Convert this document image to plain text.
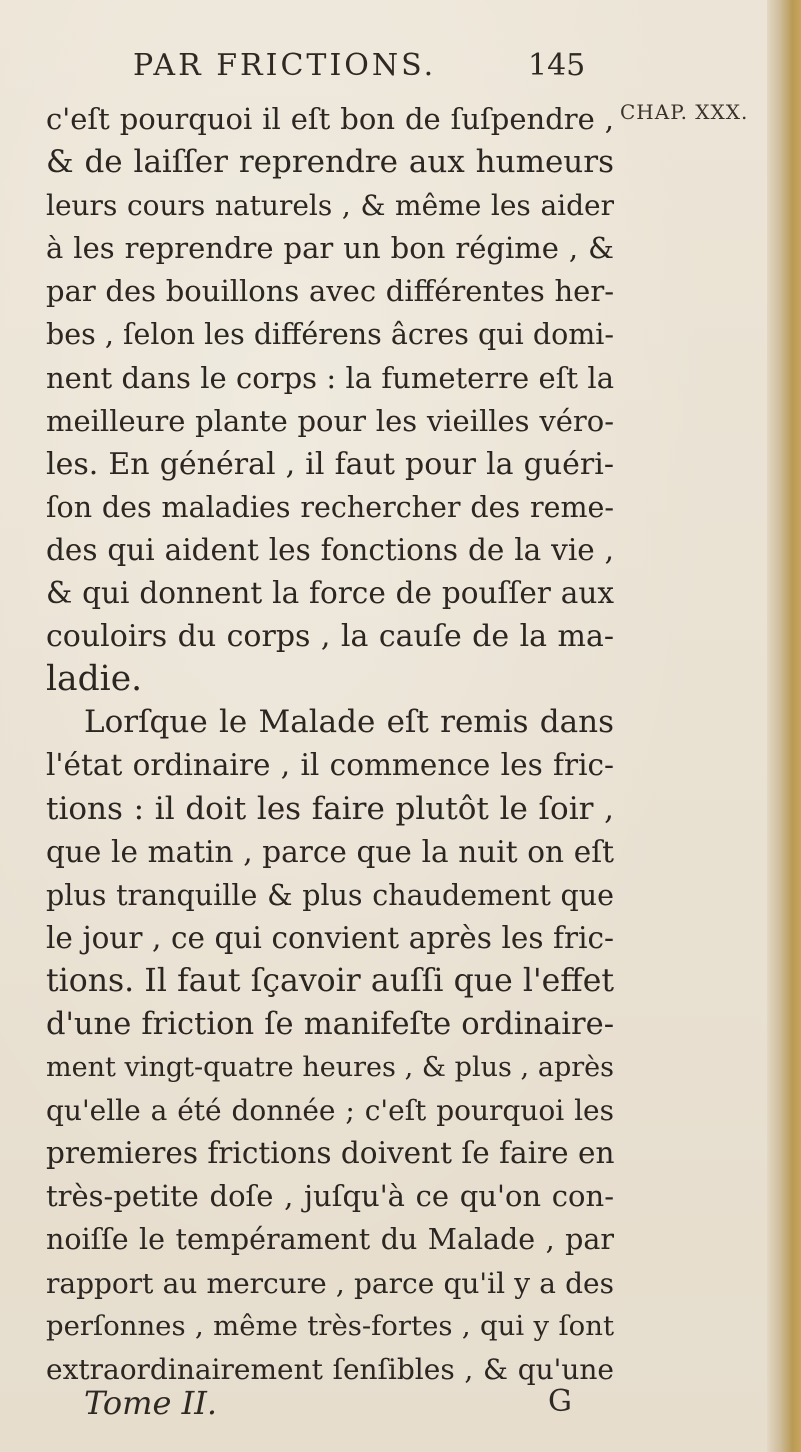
PAR FRICTIONS.	145
CHAP. XXX.
c'eſt pourquoi il eſt bon de ſuſpendre ,
& de laiſſer reprendre aux humeurs
leurs cours naturels , & même les aider
à les reprendre par un bon régime , &
par des bouillons avec différentes her-
bes , ſelon les différens âcres qui domi-
nent dans le corps : la fumeterre eſt la
meilleure plante pour les vieilles véro-
les. En général , il faut pour la guéri-
ſon des maladies rechercher des reme-
des qui aident les fonctions de la vie ,
& qui donnent la force de pouſſer aux
couloirs du corps , la cauſe de la ma-
ladie.
Lorſque le Malade eſt remis dans
l'état ordinaire , il commence les fric-
tions : il doit les faire plutôt le ſoir ,
que le matin , parce que la nuit on eſt
plus tranquille & plus chaudement que
le jour , ce qui convient après les fric-
tions. Il faut ſçavoir auſſi que l'effet
d'une friction ſe manifeſte ordinaire-
ment vingt-quatre heures , & plus , après
qu'elle a été donnée ; c'eſt pourquoi les
premieres frictions doivent ſe faire en
très-petite doſe , juſqu'à ce qu'on con-
noiſſe le tempérament du Malade , par
rapport au mercure , parce qu'il y a des
perſonnes , même très-fortes , qui y ſont
extraordinairement ſenſibles , & qu'une
Tome II.	G
